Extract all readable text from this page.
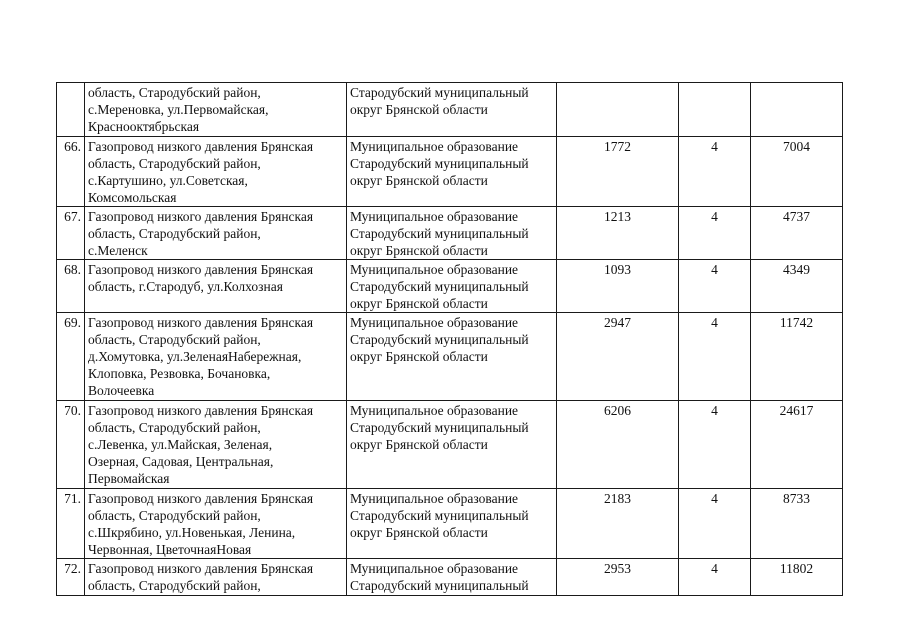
	область, Стародубский район,
с.Мереновка, ул.Первомайская,
Краснооктябрьская	Стародубский муниципальный
округ Брянской области			

66.	Газопровод низкого давления Брянская
область, Стародубский район,
с.Картушино, ул.Советская,
Комсомольская	Муниципальное образование
Стародубский муниципальный
округ Брянской области	1772	4	7004

67.	Газопровод низкого давления Брянская
область, Стародубский район,
с.Меленск	Муниципальное образование
Стародубский муниципальный
округ Брянской области	1213	4	4737

68.	Газопровод низкого давления Брянская
область, г.Стародуб, ул.Колхозная	Муниципальное образование
Стародубский муниципальный
округ Брянской области	1093	4	4349

69.	Газопровод низкого давления Брянская
область, Стародубский район,
д.Хомутовка, ул.ЗеленаяНабережная,
Клоповка, Резвовка, Бочановка,
Волочеевка	Муниципальное образование
Стародубский муниципальный
округ Брянской области	2947	4	11742

70.	Газопровод низкого давления Брянская
область, Стародубский район,
с.Левенка, ул.Майская, Зеленая,
Озерная, Садовая, Центральная,
Первомайская	Муниципальное образование
Стародубский муниципальный
округ Брянской области	6206	4	24617

71.	Газопровод низкого давления Брянская
область, Стародубский район,
с.Шкрябино, ул.Новенькая, Ленина,
Червонная, ЦветочнаяНовая	Муниципальное образование
Стародубский муниципальный
округ Брянской области	2183	4	8733

72.	Газопровод низкого давления Брянская
область, Стародубский район,	Муниципальное образование
Стародубский муниципальный	2953	4	11802
